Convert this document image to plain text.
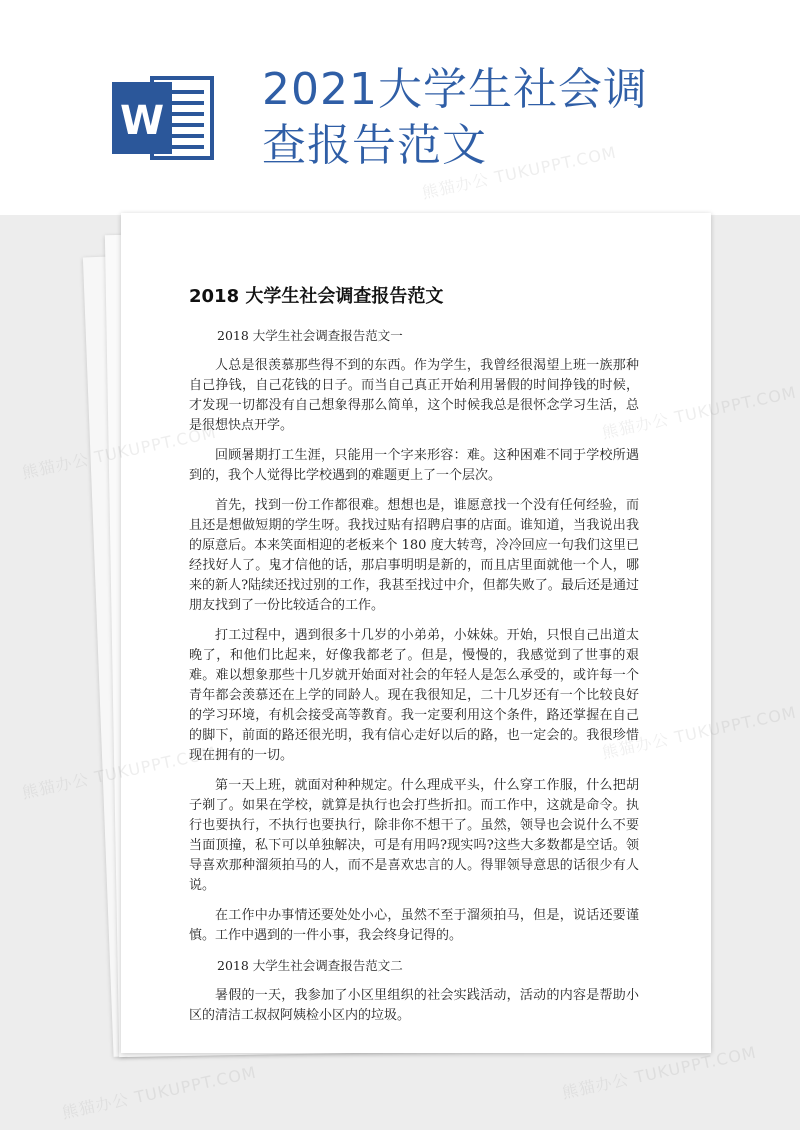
W
2021大学生社会调
查报告范文
2018 大学生社会调查报告范文
2018 大学生社会调查报告范文一

人总是很羡慕那些得不到的东西。作为学生，我曾经很渴望上班一族那种自己挣钱，自己花钱的日子。而当自己真正开始利用暑假的时间挣钱的时候，才发现一切都没有自己想象得那么简单，这个时候我总是很怀念学习生活，总是很想快点开学。

回顾暑期打工生涯，只能用一个字来形容：难。这种困难不同于学校所遇到的，我个人觉得比学校遇到的难题更上了一个层次。

首先，找到一份工作都很难。想想也是，谁愿意找一个没有任何经验，而且还是想做短期的学生呀。我找过贴有招聘启事的店面。谁知道，当我说出我的原意后。本来笑面相迎的老板来个 180 度大转弯，冷冷回应一句我们这里已经找好人了。鬼才信他的话，那启事明明是新的，而且店里面就他一个人，哪来的新人?陆续还找过别的工作，我甚至找过中介，但都失败了。最后还是通过朋友找到了一份比较适合的工作。

打工过程中，遇到很多十几岁的小弟弟，小妹妹。开始，只恨自己出道太晚了，和他们比起来，好像我都老了。但是，慢慢的，我感觉到了世事的艰难。难以想象那些十几岁就开始面对社会的年轻人是怎么承受的，或许每一个青年都会羡慕还在上学的同龄人。现在我很知足，二十几岁还有一个比较良好的学习环境，有机会接受高等教育。我一定要利用这个条件，路还掌握在自己的脚下，前面的路还很光明，我有信心走好以后的路，也一定会的。我很珍惜现在拥有的一切。

第一天上班，就面对种种规定。什么理成平头，什么穿工作服，什么把胡子剃了。如果在学校，就算是执行也会打些折扣。而工作中，这就是命令。执行也要执行，不执行也要执行，除非你不想干了。虽然，领导也会说什么不要当面顶撞，私下可以单独解决，可是有用吗?现实吗?这些大多数都是空话。领导喜欢那种溜须拍马的人，而不是喜欢忠言的人。得罪领导意思的话很少有人说。

在工作中办事情还要处处小心，虽然不至于溜须拍马，但是，说话还要谨慎。工作中遇到的一件小事，我会终身记得的。

2018 大学生社会调查报告范文二

暑假的一天，我参加了小区里组织的社会实践活动，活动的内容是帮助小区的清洁工叔叔阿姨检小区内的垃圾。

熊猫办公
TUKUPPT.COM
熊猫办公
TUKUPPT.COM
熊猫办公 TUKUPPT.COM	熊猫办公 TUKUPPT.COM
